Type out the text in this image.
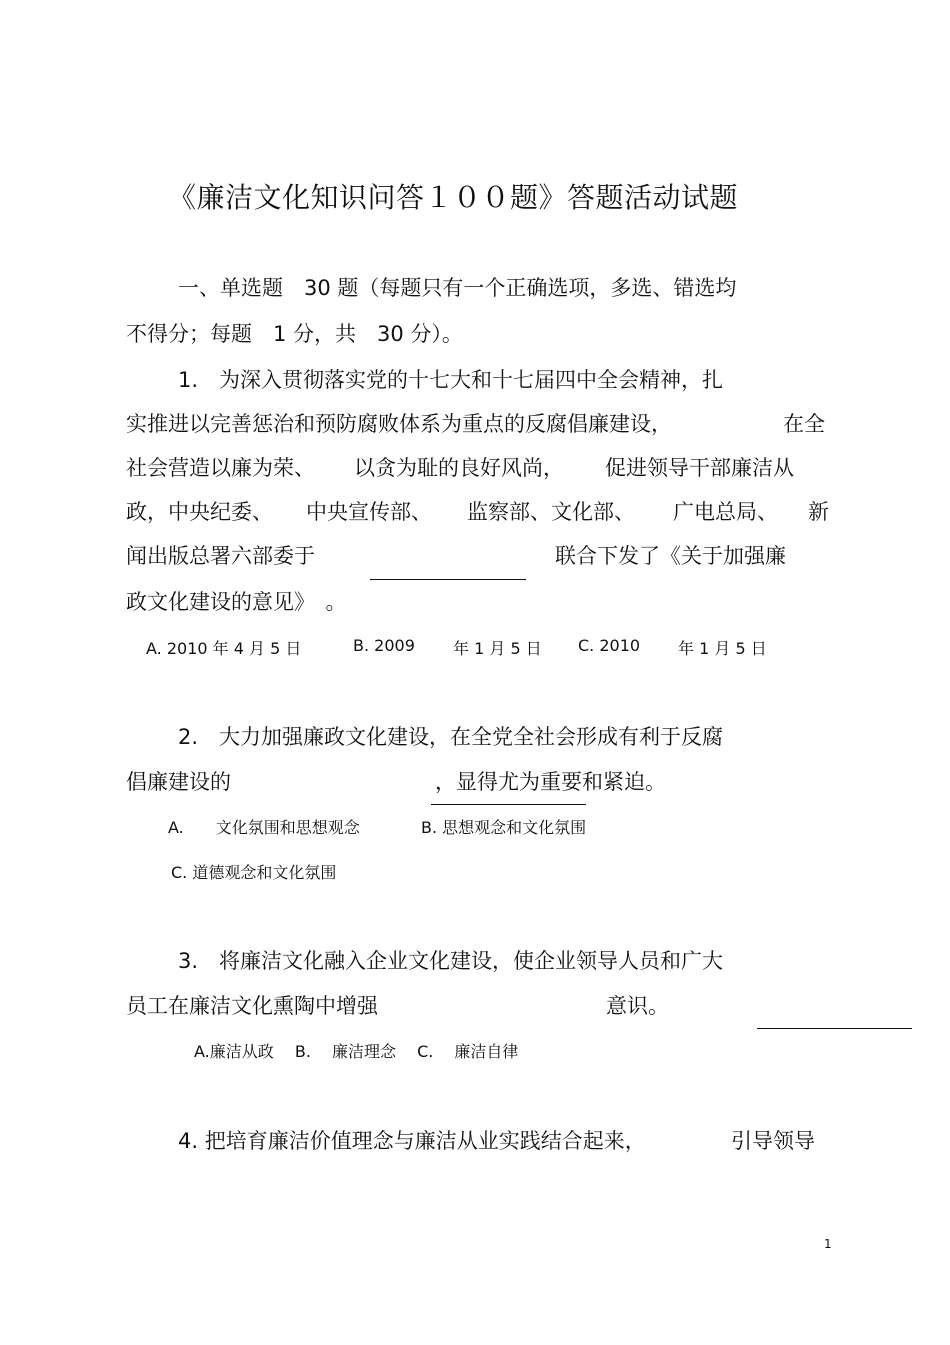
《廉洁文化知识问答１００题》答题活动试题
一、单选题　30 题（每题只有一个正确选项，多选、错选均
不得分；每题　1 分，共　30 分）。
1.　为深入贯彻落实党的十七大和十七届四中全会精神，扎
实推进以完善惩治和预防腐败体系为重点的反腐倡廉建设，	在全
社会营造以廉为荣、 以贪为耻的良好风尚， 促进领导干部廉洁从
政，中央纪委、 中央宣传部、 监察部、文化部、 广电总局、 新
闻出版总署六部委于
	联合下发了《关于加强廉
政文化建设的意见》　。
A. 2010 年 4 月 5 日	B. 2009 年 1 月 5 日 C. 2010 年 1 月 5 日
2.　大力加强廉政文化建设，在全党全社会形成有利于反腐
倡廉建设的
	，显得尤为重要和紧迫。
A.　　文化氛围和思想观念	B. 思想观念和文化氛围
C. 道德观念和文化氛围
3.　将廉洁文化融入企业文化建设，使企业领导人员和广大
员工在廉洁文化熏陶中增强	意识。
A.廉洁从政　 B.　 廉洁理念　 C.　 廉洁自律
4. 把培育廉洁价值理念与廉洁从业实践结合起来，	引导领导
1
